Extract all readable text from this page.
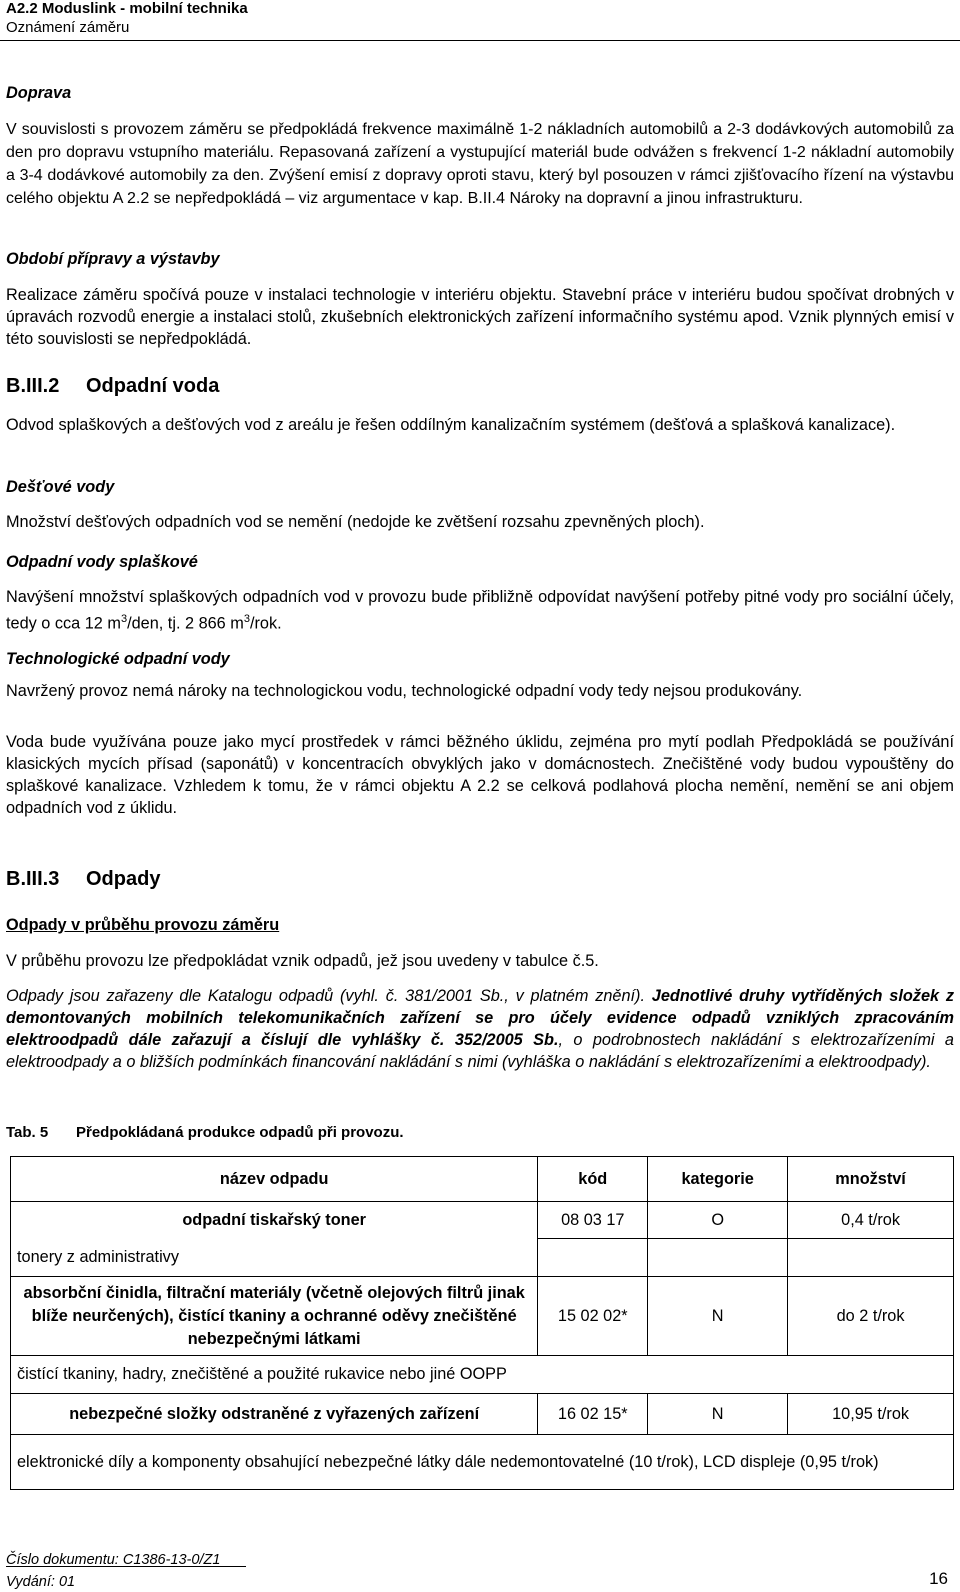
A2.2 Moduslink - mobilní technika
Oznámení záměru
Doprava

V souvislosti s provozem záměru se předpokládá frekvence maximálně 1-2 nákladních automobilů a 2-3 dodávkových automobilů za den pro dopravu vstupního materiálu. Repasovaná zařízení a vystupující materiál bude odvážen s frekvencí 1-2 nákladní automobily a 3-4 dodávkové automobily za den. Zvýšení emisí z dopravy oproti stavu, který byl posouzen v rámci zjišťovacího řízení na výstavbu celého objektu A 2.2 se nepředpokládá – viz argumentace v kap. B.II.4 Nároky na dopravní a jinou infrastrukturu.

Období přípravy a výstavby

Realizace záměru spočívá pouze v instalaci technologie v interiéru objektu. Stavební práce v interiéru budou spočívat drobných v úpravách rozvodů energie a instalaci stolů, zkušebních elektronických zařízení informačního systému apod. Vznik plynných emisí v této souvislosti se nepředpokládá.

B.III.2 Odpadní voda

Odvod splaškových a dešťových vod z areálu je řešen oddílným kanalizačním systémem (dešťová a splašková kanalizace).

Dešťové vody

Množství dešťových odpadních vod se nemění (nedojde ke zvětšení rozsahu zpevněných ploch).

Odpadní vody splaškové

Navýšení množství splaškových odpadních vod v provozu bude přibližně odpovídat navýšení potřeby pitné vody pro sociální účely, tedy o cca 12 $m^3$/den, tj. 2 866 $m^3$/rok.

Technologické odpadní vody

Navržený provoz nemá nároky na technologickou vodu, technologické odpadní vody tedy nejsou produkovány.

Voda bude využívána pouze jako mycí prostředek v rámci běžného úklidu, zejména pro mytí podlah Předpokládá se používání klasických mycích přísad (saponátů) v koncentracích obvyklých jako v domácnostech. Znečištěné vody budou vypouštěny do splaškové kanalizace. Vzhledem k tomu, že v rámci objektu A 2.2 se celková podlahová plocha nemění, nemění se ani objem odpadních vod z úklidu.

B.III.3 Odpady
Odpady v průběhu provozu záměru

V průběhu provozu lze předpokládat vznik odpadů, jež jsou uvedeny v tabulce č.5.

Odpady jsou zařazeny dle Katalogu odpadů (vyhl. č. 381/2001 Sb., v platném znění). Jednotlivé druhy vytříděných složek z demontovaných mobilních telekomunikačních zařízení se pro účely evidence odpadů vzniklých zpracováním elektroodpadů dále zařazují a číslují dle vyhlášky č. 352/2005 Sb., o podrobnostech nakládání s elektrozařízeními a elektroodpady a o bližších podmínkách financování nakládání s nimi (vyhláška o nakládání s elektrozařízeními a elektroodpady).

Tab. 5 Předpokládaná produkce odpadů při provozu.
název odpadu	kód	kategorie	množství

odpadní tiskařský toner
tonery z administrativy	08 03 17	O	0,4 t/rok

absorbční činidla, filtrační materiály (včetně olejových filtrů jinak blíže neurčených), čistící tkaniny a ochranné oděvy znečištěné nebezpečnými látkami	15 02 02*	N	do 2 t/rok
čistící tkaniny, hadry, znečištěné a použité rukavice nebo jiné OOPP			
nebezpečné složky odstraněné z vyřazených zařízení	16 02 15*	N	10,95 t/rok
elektronické díly a komponenty obsahující nebezpečné látky dále nedemontovatelné (10 t/rok), LCD displeje (0,95 t/rok)			
Číslo dokumentu: C1386-13-0/Z1
Vydání: 01	16
